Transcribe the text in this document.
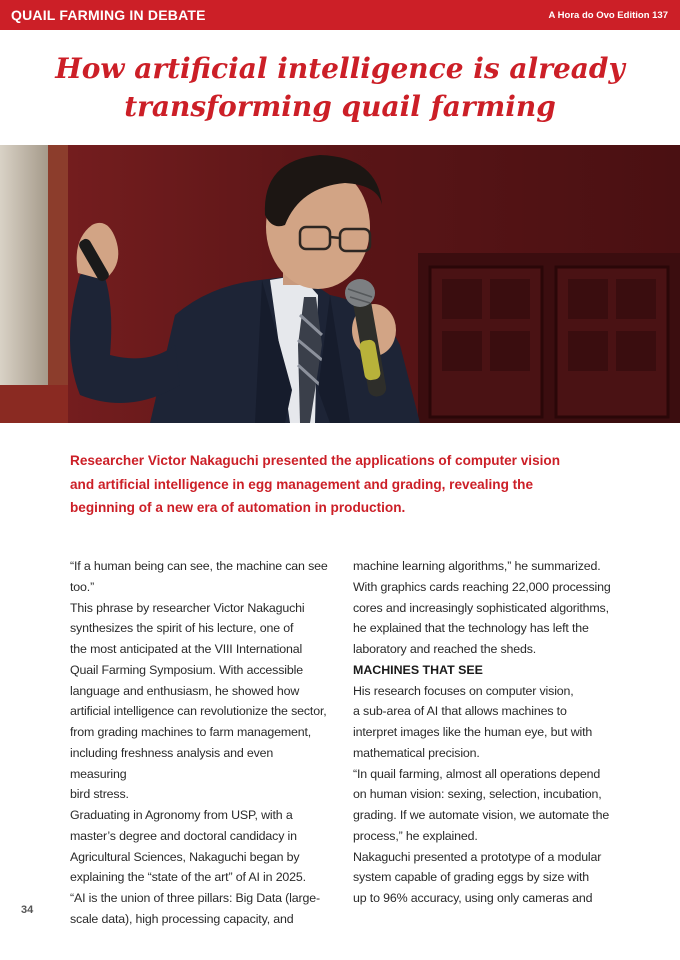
QUAIL FARMING IN DEBATE	A Hora do Ovo Edition 137
How artificial intelligence is already
transforming quail farming
Researcher Victor Nakaguchi presented the applications of computer vision
and artificial intelligence in egg management and grading, revealing the
beginning of a new era of automation in production.
“If a human being can see, the machine can see
too.”
This phrase by researcher Victor Nakaguchi
synthesizes the spirit of his lecture, one of
the most anticipated at the VIII International
Quail Farming Symposium. With accessible
language and enthusiasm, he showed how
artificial intelligence can revolutionize the sector,
from grading machines to farm management,
including freshness analysis and even measuring
bird stress.
Graduating in Agronomy from USP, with a
master’s degree and doctoral candidacy in
Agricultural Sciences, Nakaguchi began by
explaining the “state of the art” of AI in 2025.
“AI is the union of three pillars: Big Data (large-
scale data), high processing capacity, and
machine learning algorithms,” he summarized.
With graphics cards reaching 22,000 processing
cores and increasingly sophisticated algorithms,
he explained that the technology has left the
laboratory and reached the sheds.
MACHINES THAT SEE
His research focuses on computer vision,
a sub-area of AI that allows machines to
interpret images like the human eye, but with
mathematical precision.
“In quail farming, almost all operations depend
on human vision: sexing, selection, incubation,
grading. If we automate vision, we automate the
process,” he explained.
Nakaguchi presented a prototype of a modular
system capable of grading eggs by size with
up to 96% accuracy, using only cameras and
34
